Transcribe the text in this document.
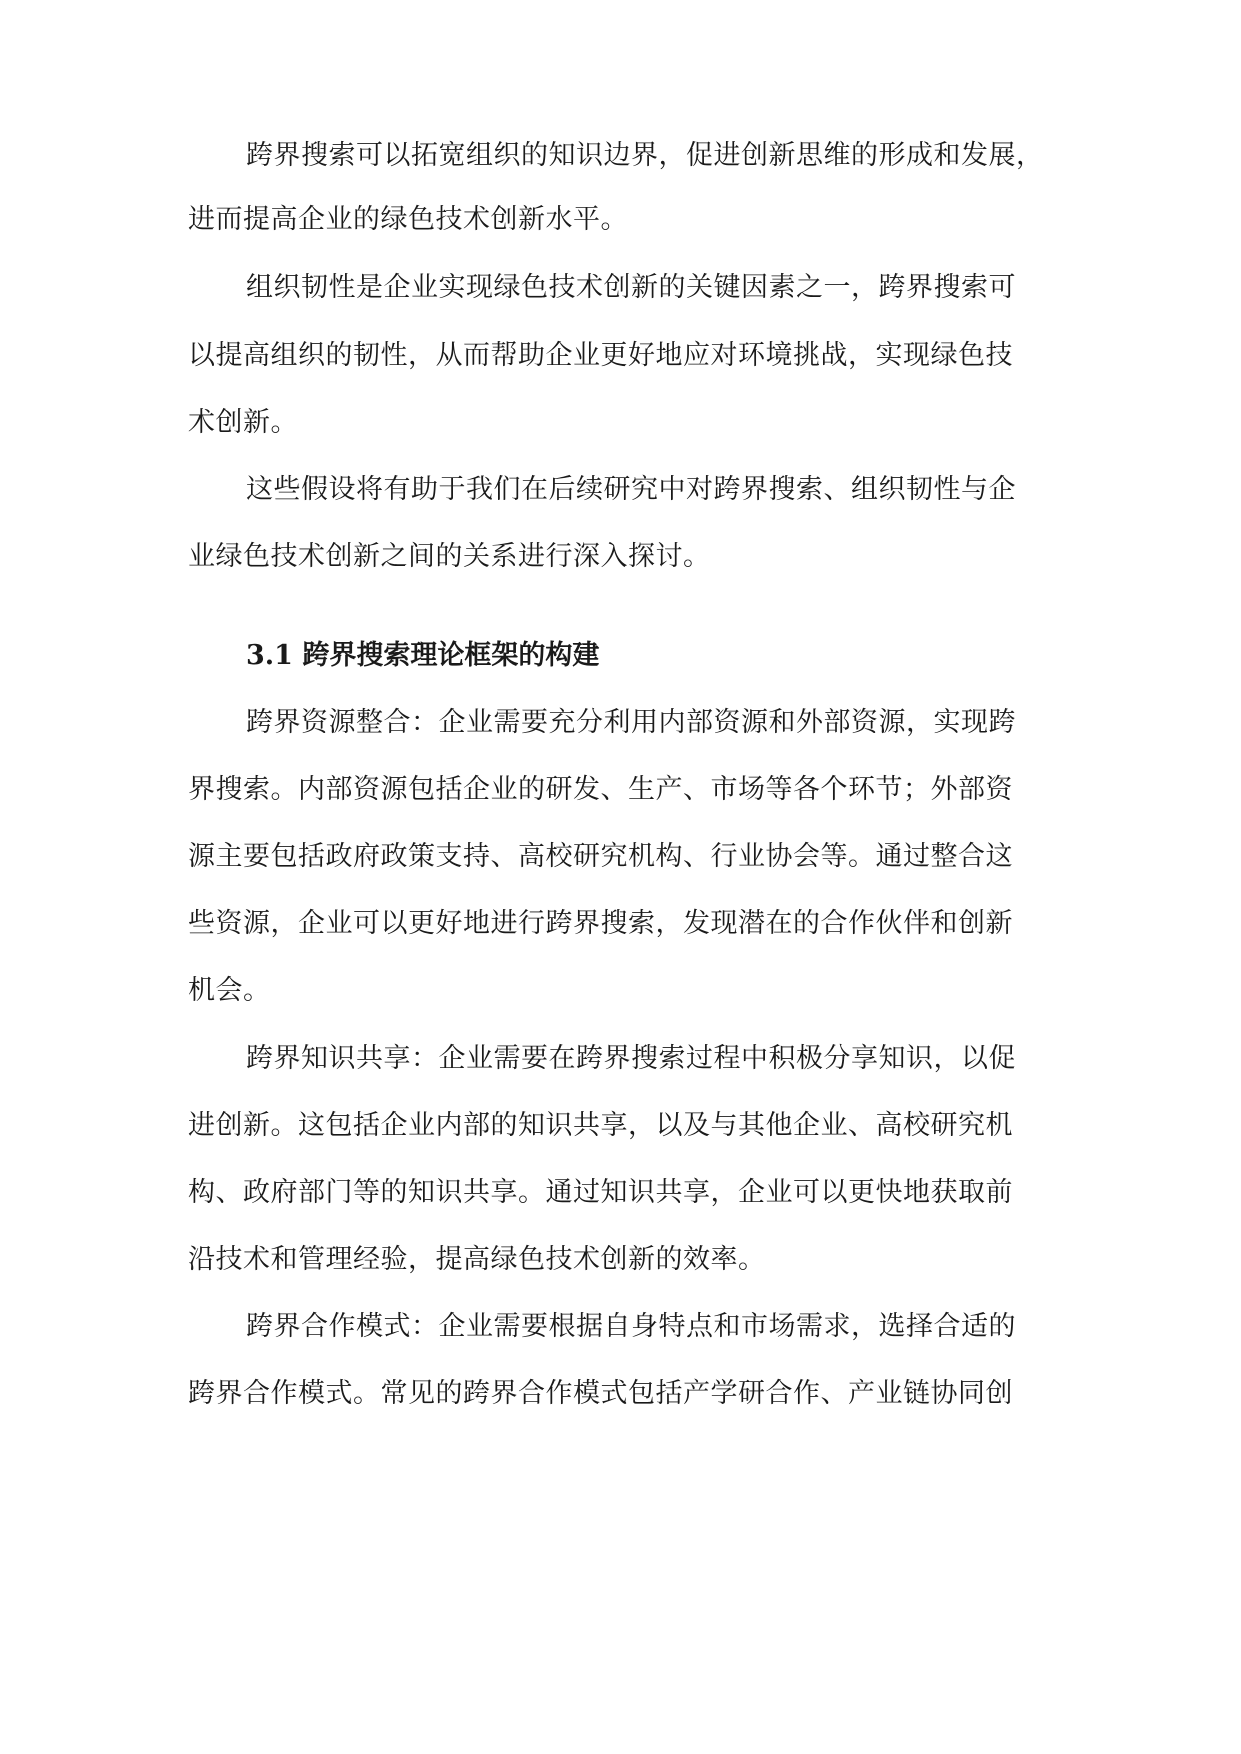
跨界搜索可以拓宽组织的知识边界，促进创新思维的形成和发展，
进而提高企业的绿色技术创新水平。
组织韧性是企业实现绿色技术创新的关键因素之一，跨界搜索可
以提高组织的韧性，从而帮助企业更好地应对环境挑战，实现绿色技
术创新。
这些假设将有助于我们在后续研究中对跨界搜索、组织韧性与企
业绿色技术创新之间的关系进行深入探讨。
3.1 跨界搜索理论框架的构建
跨界资源整合：企业需要充分利用内部资源和外部资源，实现跨
界搜索。内部资源包括企业的研发、生产、市场等各个环节；外部资
源主要包括政府政策支持、高校研究机构、行业协会等。通过整合这
些资源，企业可以更好地进行跨界搜索，发现潜在的合作伙伴和创新
机会。
跨界知识共享：企业需要在跨界搜索过程中积极分享知识，以促
进创新。这包括企业内部的知识共享，以及与其他企业、高校研究机
构、政府部门等的知识共享。通过知识共享，企业可以更快地获取前
沿技术和管理经验，提高绿色技术创新的效率。
跨界合作模式：企业需要根据自身特点和市场需求，选择合适的
跨界合作模式。常见的跨界合作模式包括产学研合作、产业链协同创
